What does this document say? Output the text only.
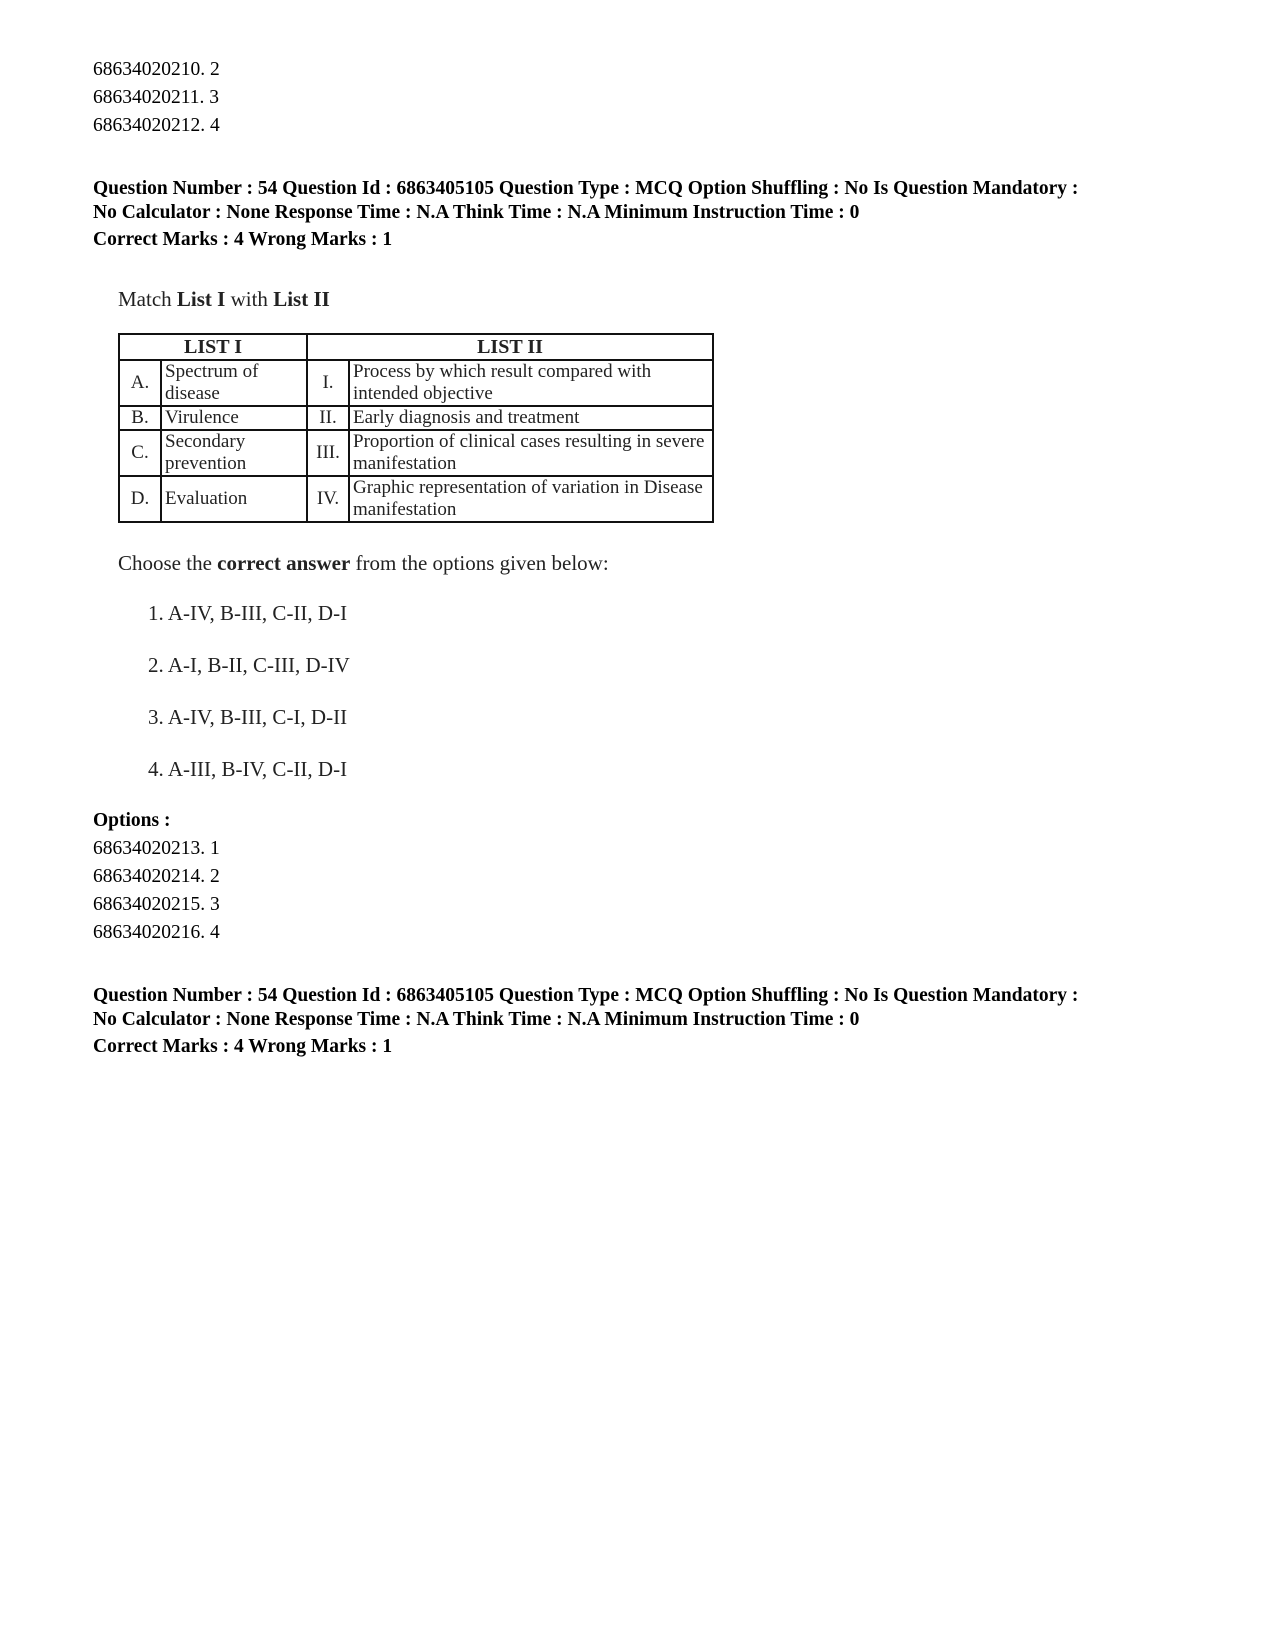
68634020210. 2
68634020211. 3
68634020212. 4
Question Number : 54 Question Id : 6863405105 Question Type : MCQ Option Shuffling : No Is Question Mandatory :
No Calculator : None Response Time : N.A Think Time : N.A Minimum Instruction Time : 0
Correct Marks : 4 Wrong Marks : 1
Match List I with List II
LIST I		LIST II	
A.	Spectrum of disease	I.	Process by which result compared with intended objective
B.	Virulence	II.	Early diagnosis and treatment
C.	Secondary prevention	III.	Proportion of clinical cases resulting in severe manifestation
D.	Evaluation	IV.	Graphic representation of variation in Disease manifestation
Choose the correct answer from the options given below:
1. A-IV, B-III, C-II, D-I
2. A-I, B-II, C-III, D-IV
3. A-IV, B-III, C-I, D-II
4. A-III, B-IV, C-II, D-I
Options :
68634020213. 1
68634020214. 2
68634020215. 3
68634020216. 4
Question Number : 54 Question Id : 6863405105 Question Type : MCQ Option Shuffling : No Is Question Mandatory :
No Calculator : None Response Time : N.A Think Time : N.A Minimum Instruction Time : 0
Correct Marks : 4 Wrong Marks : 1
